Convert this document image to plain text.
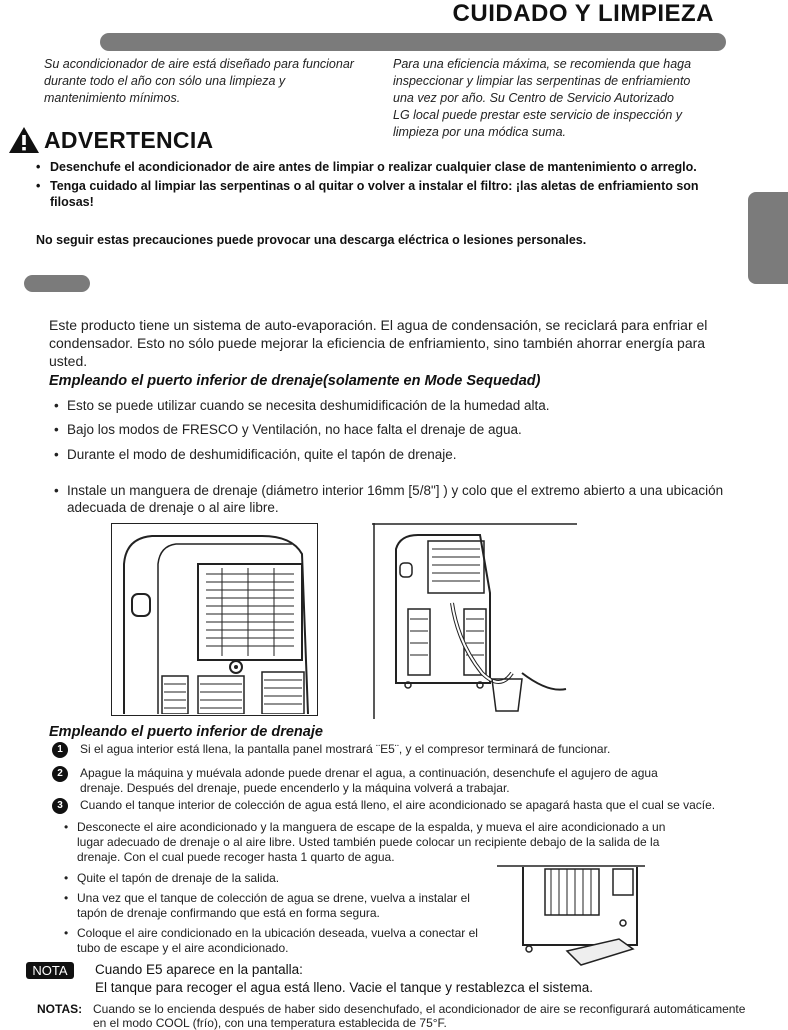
CUIDADO Y LIMPIEZA

Su acondicionador de aire está diseñado para funcionar durante todo el año con sólo una limpieza y mantenimiento mínimos.

Para una eficiencia máxima, se recomienda que haga inspeccionar y limpiar las serpentinas de enfriamiento una vez por año. Su Centro de Servicio Autorizado LG local puede prestar este servicio de inspección y limpieza por una módica suma.

ADVERTENCIA
• Desenchufe el acondicionador de aire antes de limpiar o realizar cualquier clase de mantenimiento o arreglo.
• Tenga cuidado al limpiar las serpentinas o al quitar o volver a instalar el filtro: ¡las aletas de enfriamiento son filosas!
No seguir estas precauciones puede provocar una descarga eléctrica o lesiones personales.

Este producto tiene un sistema de auto-evaporación. El agua de condensación, se reciclará para enfriar el condensador. Esto no sólo puede mejorar la eficiencia de enfriamiento, sino también ahorrar energía para usted.

Empleando el puerto inferior de drenaje(solamente en Mode Sequedad)
• Esto se puede utilizar cuando se necesita deshumidificación de la humedad alta.
• Bajo los modos de FRESCO y Ventilación, no hace falta el drenaje de agua.
• Durante el modo de deshumidificación, quite el tapón de drenaje.
• Instale un manguera de drenaje (diámetro interior 16mm [5/8"] ) y colo que el extremo abierto a una ubicación adecuada de drenaje o al aire libre.
Empleando el puerto inferior de drenaje
1	Si el agua interior está llena, la pantalla panel mostrará ¨E5¨, y el compresor terminará de funcionar.
2	Apague la máquina y muévala adonde puede drenar el agua, a continuación, desenchufe el agujero de agua drenaje. Después del drenaje, puede encenderlo y la máquina volverá a trabajar.
3	Cuando el tanque interior de colección de agua está lleno, el aire acondicionado se apagará hasta que el cual se vacíe.
• Desconecte el aire acondicionado y la manguera de escape de la espalda, y mueva el aire acondicionado a un lugar adecuado de drenaje o al aire libre. Usted también puede colocar un recipiente debajo de la salida de la drenaje. Con el cual puede recoger hasta 1 quarto de agua.
• Quite el tapón de drenaje de la salida.
• Una vez que el tanque de colección de agua se drene, vuelva a instalar el tapón de drenaje confirmando que está en forma segura.
• Coloque el aire condicionado en la ubicación deseada, vuelva a conectar el tubo de escape y el aire acondicionado.
NOTA	Cuando E5 aparece en la pantalla:
El tanque para recoger el agua está lleno. Vacie el tanque y restablezca el sistema.
NOTAS: Cuando se lo encienda después de haber sido desenchufado, el acondicionador de aire se reconfigurará automáticamente en el modo COOL (frío), con una temperatura establecida de 75°F.
